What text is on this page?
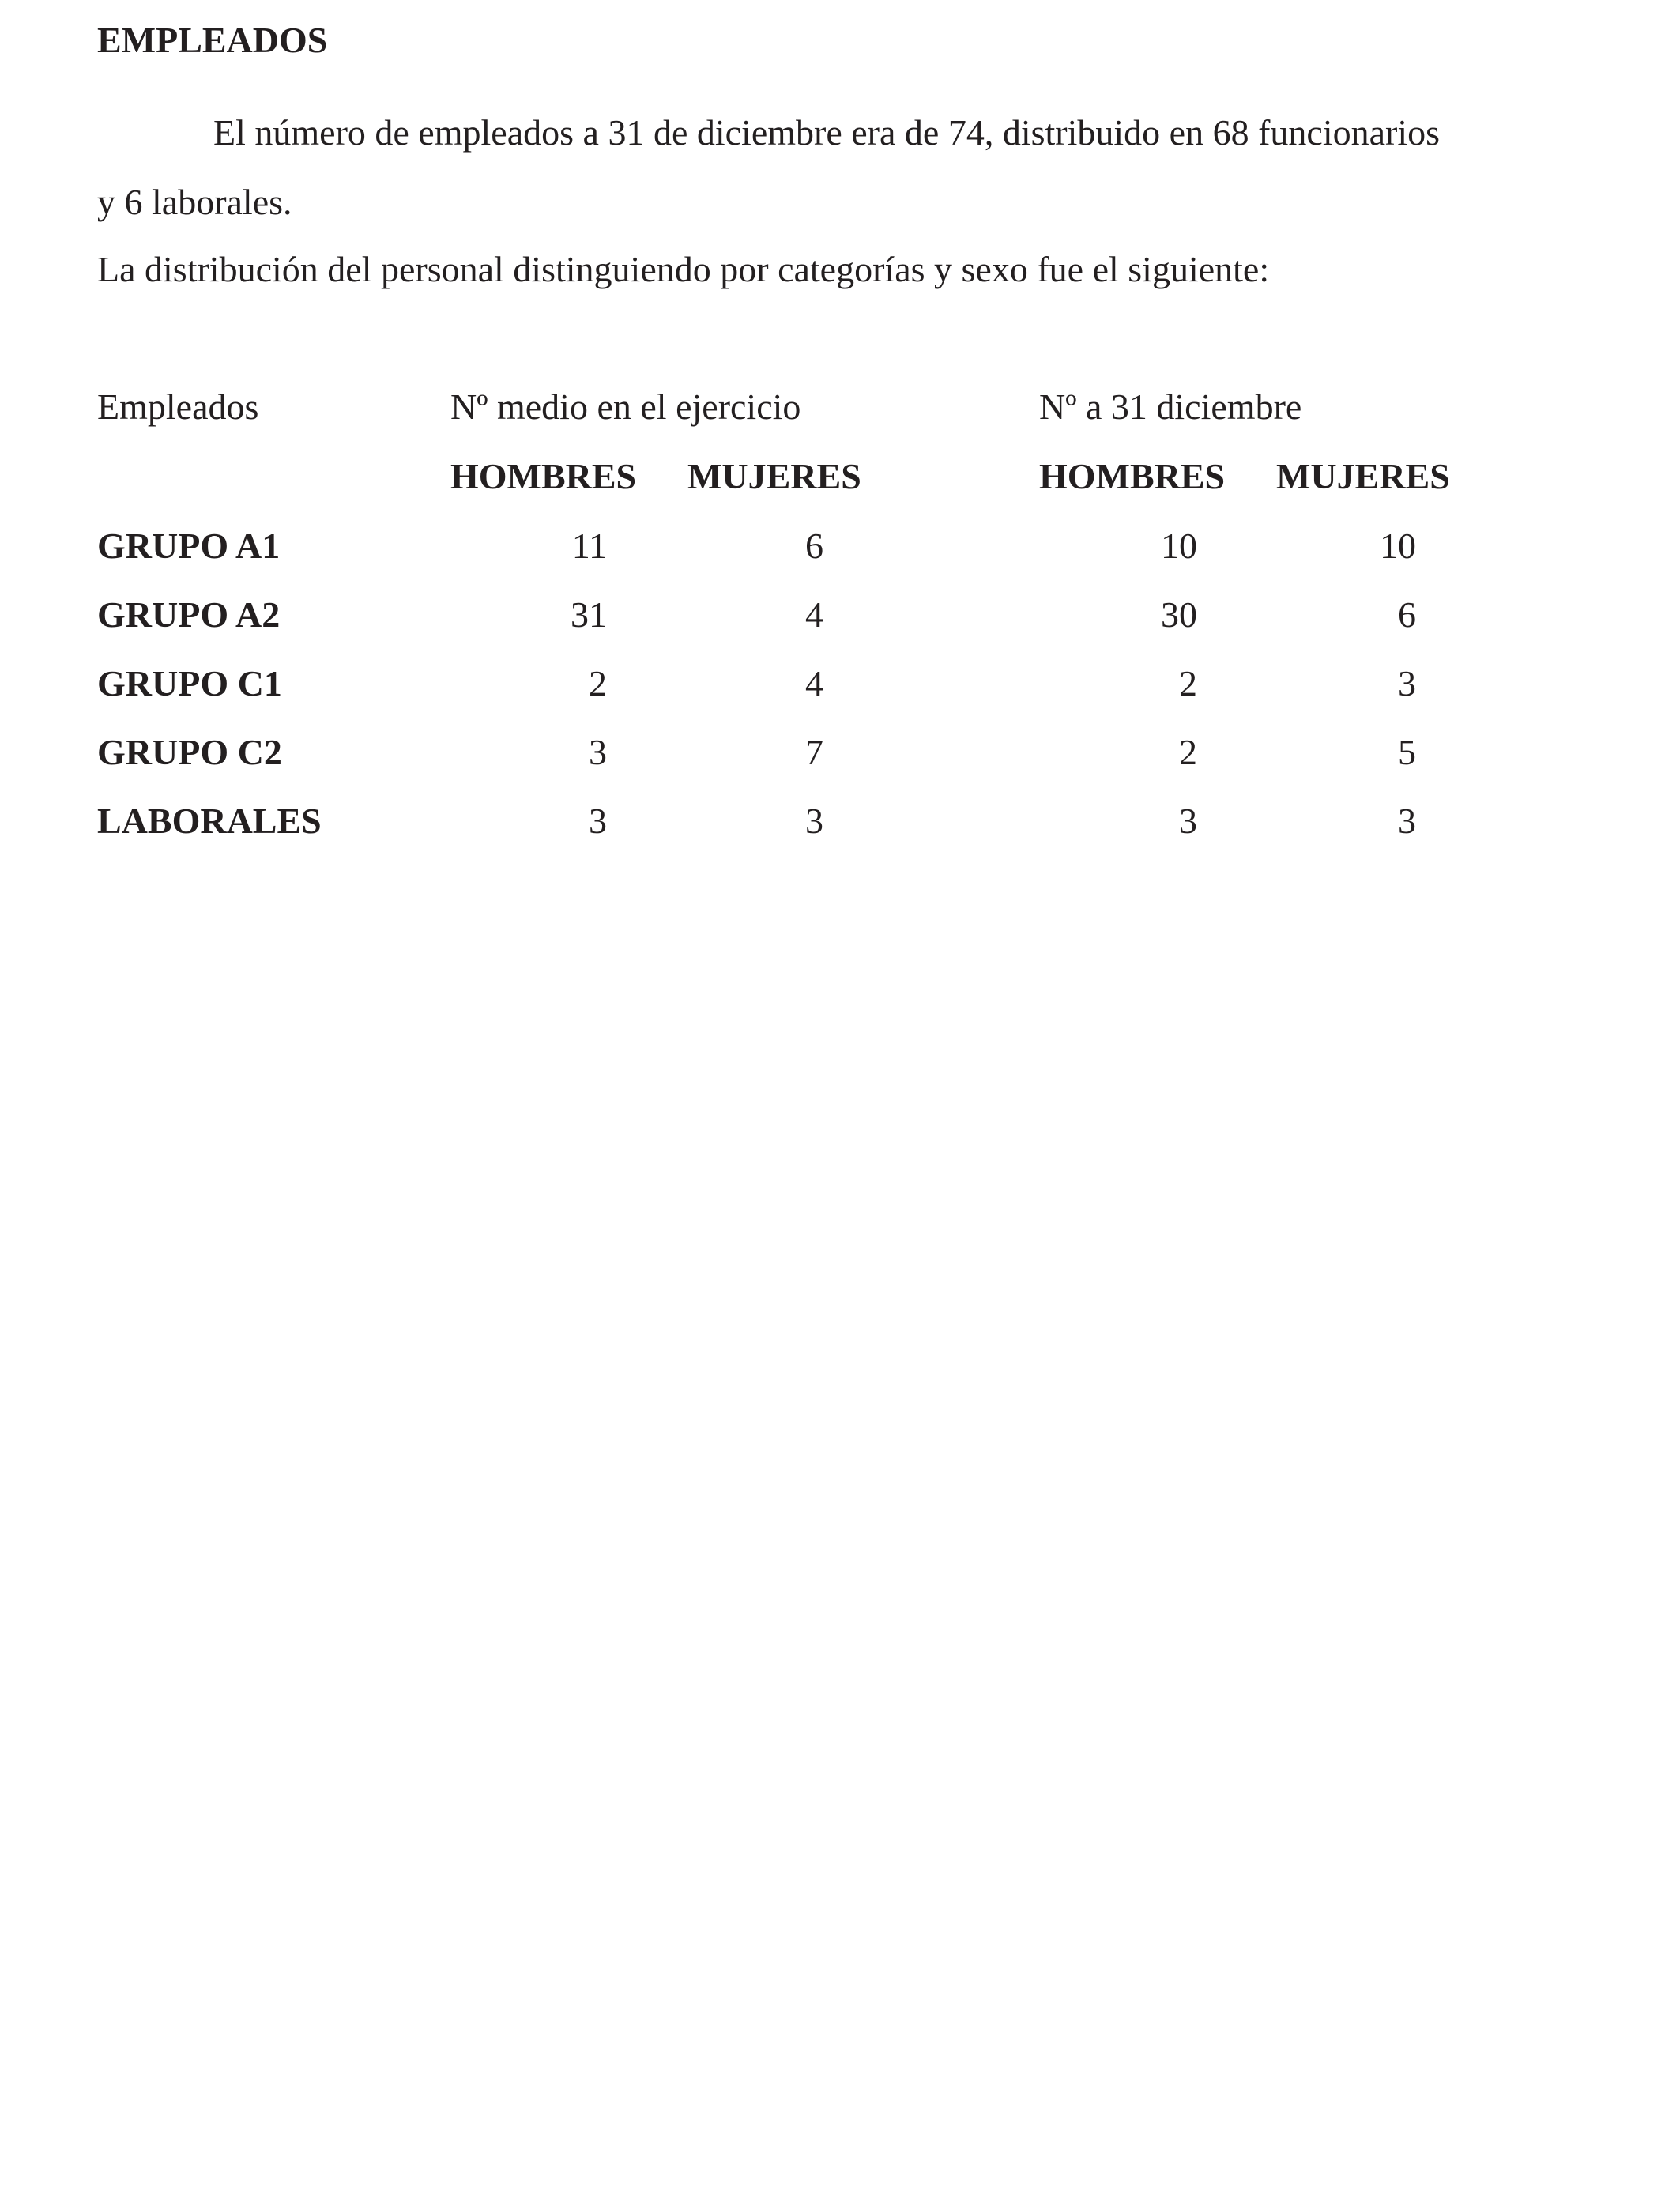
EMPLEADOS
El número de empleados a 31 de diciembre era de 74, distribuido en 68 funcionarios
y 6 laborales.
La distribución del personal distinguiendo por categorías y sexo fue el siguiente:
Empleados	Nº medio en el ejercicio	Nº a 31 diciembre
HOMBRES MUJERES	HOMBRES MUJERES
GRUPO A1	11	6	10	10
GRUPO A2	31	4	30	6
GRUPO C1	2	4	2	3
GRUPO C2	3	7	2	5
LABORALES	3	3	3	3
